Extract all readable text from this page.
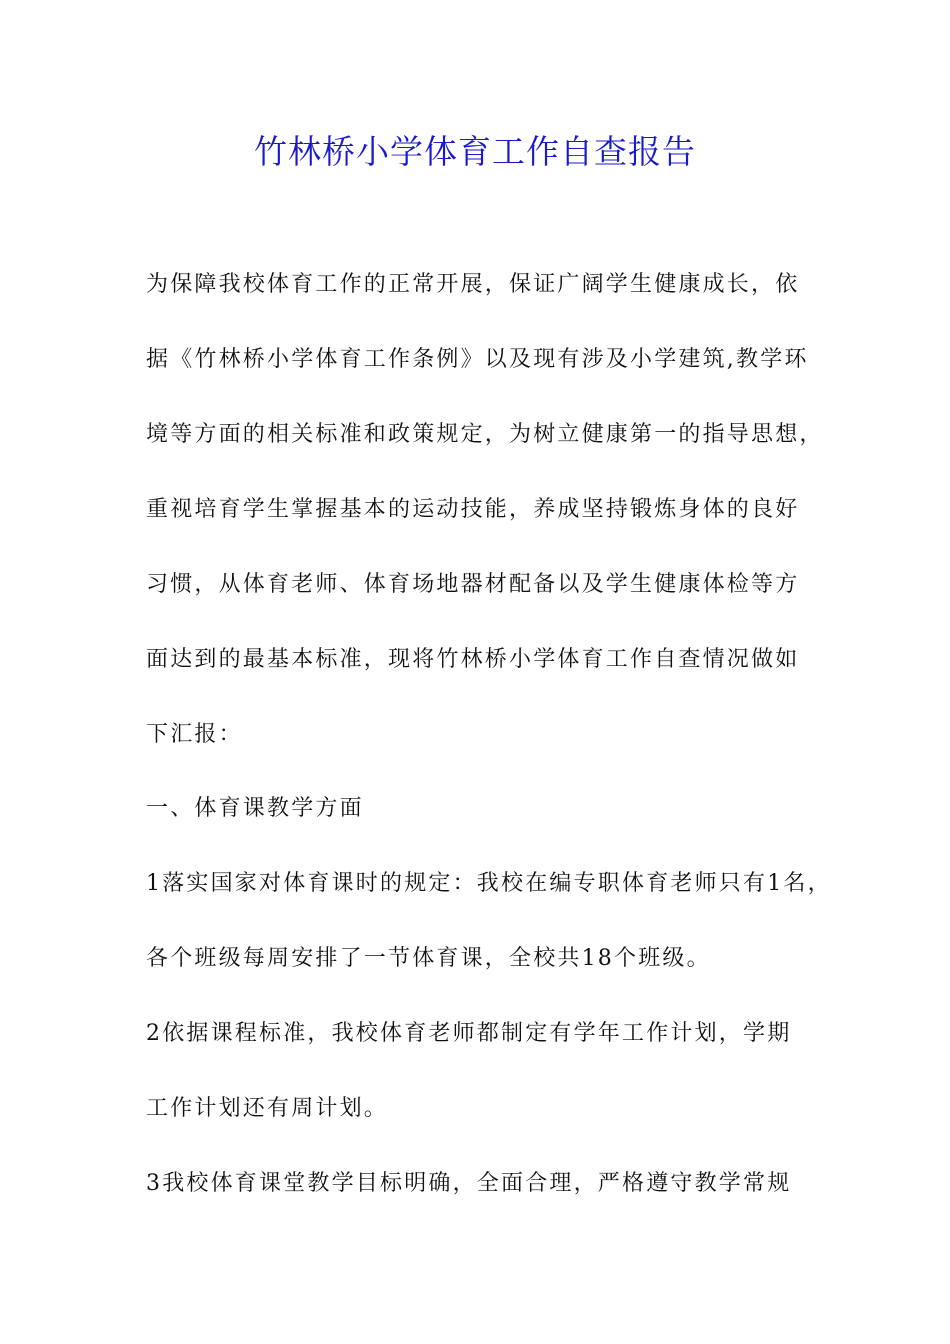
竹林桥小学体育工作自查报告

为保障我校体育工作的正常开展，保证广阔学生健康成长，依

据《竹林桥小学体育工作条例》以及现有涉及小学建筑,教学环

境等方面的相关标准和政策规定，为树立健康第一的指导思想，

重视培育学生掌握基本的运动技能，养成坚持锻炼身体的良好

习惯，从体育老师、体育场地器材配备以及学生健康体检等方

面达到的最基本标准，现将竹林桥小学体育工作自查情况做如

下汇报：

一、体育课教学方面

1落实国家对体育课时的规定：我校在编专职体育老师只有1名，

各个班级每周安排了一节体育课，全校共18个班级。

2依据课程标准，我校体育老师都制定有学年工作计划，学期

工作计划还有周计划。

3我校体育课堂教学目标明确，全面合理，严格遵守教学常规
